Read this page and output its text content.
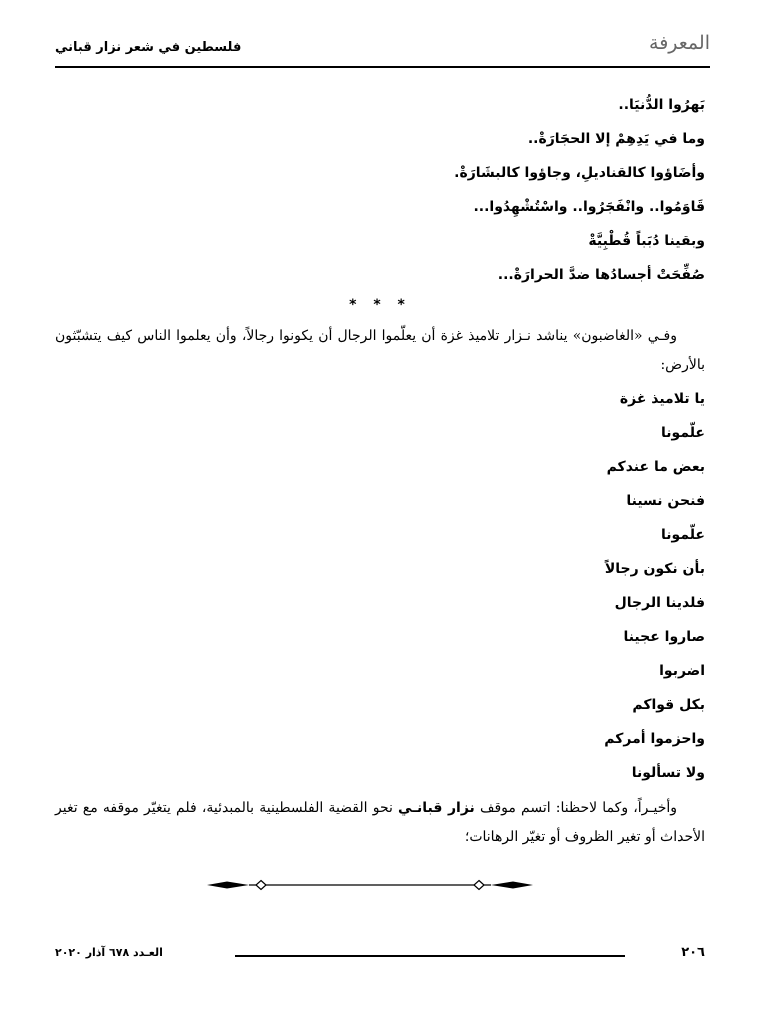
المعرفة
فلسطين في شعر نزار قباني
بَهرُوا الدُّنيَا..
وما في يَدِهِمْ إلا الحجَارَةْ..
وأضَاؤوا كالقناديلِ، وجاؤوا كالبشَارَةْ.
قَاوَمُوا.. وانْفَجَرُوا.. واسْتُشْهِدُوا...
وبقينا دُبَباً قُطْبِيَّةْ
صُفِّحَتْ أجسادُها ضدَّ الحرارَةْ...
* * *
وفـي «الغاضبون» يناشد نـزار تلاميذ غزة أن يعلّموا الرجال أن يكونوا رجالاً، وأن يعلموا الناس كيف يتشبّثون بالأرض:
يا تلاميذ غزة
علّمونا
بعض ما عندكم
فنحن نسينا
علّمونا
بأن نكون رجالاً
فلدينا الرجال
صاروا عجينا
اضربوا
بكل قواكم
واحزموا أمركم
ولا تسألونا
وأخيـراً، وكما لاحظنا: اتسم موقف نزار قبانـي نحو القضية الفلسطينية بالمبدئية، فلم يتغيّر موقفه مع تغير الأحداث أو تغير الظروف أو تغيّر الرهانات؛
٢٠٦
العـدد ٦٧٨ آذار ٢٠٢٠
